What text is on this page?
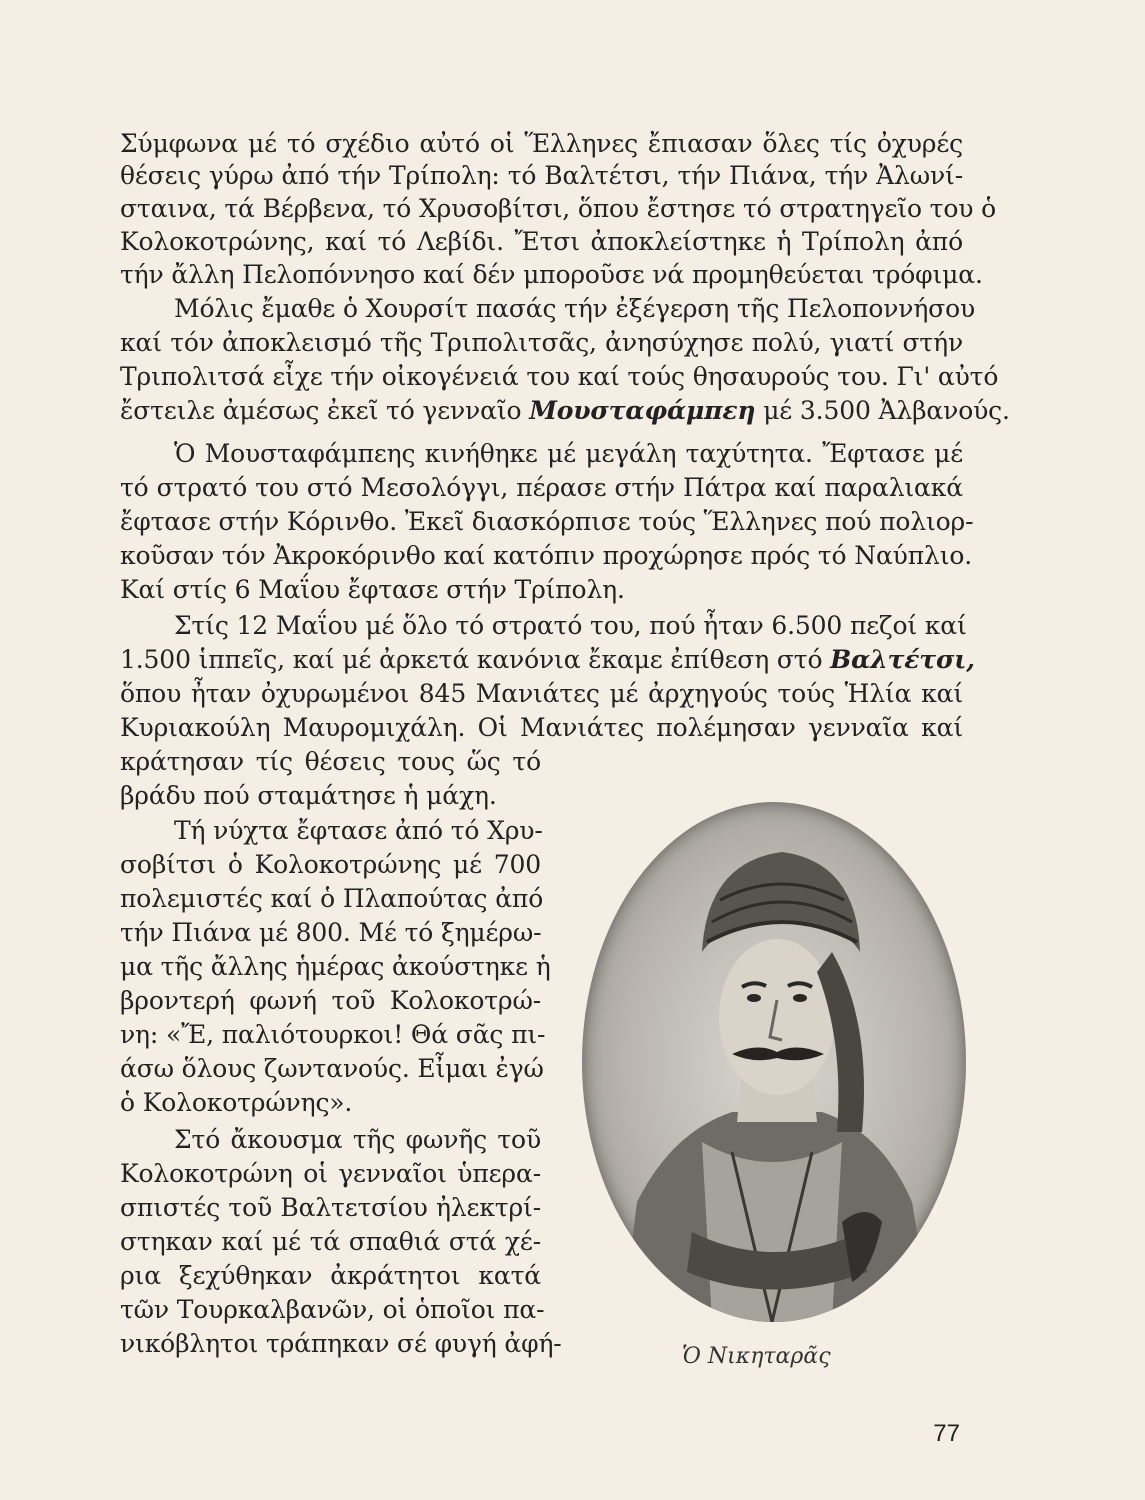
Σύμφωνα μέ τό σχέδιο αὐτό οἱ Ἕλληνες ἔπιασαν ὅλες τίς ὀχυρές
θέσεις γύρω ἀπό τήν Τρίπολη: τό Βαλτέτσι, τήν Πιάνα, τήν Ἀλωνί-
σταινα, τά Βέρβενα, τό Χρυσοβίτσι, ὅπου ἔστησε τό στρατηγεῖο του ὁ
Κολοκοτρώνης, καί τό Λεβίδι. Ἔτσι ἀποκλείστηκε ἡ Τρίπολη ἀπό
τήν ἄλλη Πελοπόννησο καί δέν μποροῦσε νά προμηθεύεται τρόφιμα.
Μόλις ἔμαθε ὁ Χουρσίτ πασάς τήν ἐξέγερση τῆς Πελοποννήσου
καί τόν ἀποκλεισμό τῆς Τριπολιτσᾶς, ἀνησύχησε πολύ, γιατί στήν
Τριπολιτσά εἶχε τήν οἰκογένειά του καί τούς θησαυρούς του. Γι' αὐτό
ἔστειλε ἀμέσως ἐκεῖ τό γενναῖο Μουσταφάμπεη μέ 3.500 Ἀλβανούς.
Ὁ Μουσταφάμπεης κινήθηκε μέ μεγάλη ταχύτητα. Ἔφτασε μέ
τό στρατό του στό Μεσολόγγι, πέρασε στήν Πάτρα καί παραλιακά
ἔφτασε στήν Κόρινθο. Ἐκεῖ διασκόρπισε τούς Ἕλληνες πού πολιορ-
κοῦσαν τόν Ἀκροκόρινθο καί κατόπιν προχώρησε πρός τό Ναύπλιο.
Καί στίς 6 Μαΐου ἔφτασε στήν Τρίπολη.
Στίς 12 Μαΐου μέ ὅλο τό στρατό του, πού ἦταν 6.500 πεζοί καί
1.500 ἱππεῖς, καί μέ ἀρκετά κανόνια ἔκαμε ἐπίθεση στό Βαλτέτσι,
ὅπου ἦταν ὀχυρωμένοι 845 Μανιάτες μέ ἀρχηγούς τούς Ἡλία καί
Κυριακούλη Μαυρομιχάλη. Οἱ Μανιάτες πολέμησαν γενναῖα καί
κράτησαν τίς θέσεις τους ὥς τό
βράδυ πού σταμάτησε ἡ μάχη.
Τή νύχτα ἔφτασε ἀπό τό Χρυ-
σοβίτσι ὁ Κολοκοτρώνης μέ 700
πολεμιστές καί ὁ Πλαπούτας ἀπό
τήν Πιάνα μέ 800. Μέ τό ξημέρω-
μα τῆς ἄλλης ἡμέρας ἀκούστηκε ἡ
βροντερή φωνή τοῦ Κολοκοτρώ-
νη: «Ἔ, παλιότουρκοι! Θά σᾶς πι-
άσω ὅλους ζωντανούς. Εἶμαι ἐγώ
ὁ Κολοκοτρώνης».
Στό ἄκουσμα τῆς φωνῆς τοῦ
Κολοκοτρώνη οἱ γενναῖοι ὑπερα-
σπιστές τοῦ Βαλτετσίου ἠλεκτρί-
στηκαν καί μέ τά σπαθιά στά χέ-
ρια ξεχύθηκαν ἀκράτητοι κατά
τῶν Τουρκαλβανῶν, οἱ ὁποῖοι πα-
νικόβλητοι τράπηκαν σέ φυγή ἀφή-	Ὁ Νικηταρᾶς
77
